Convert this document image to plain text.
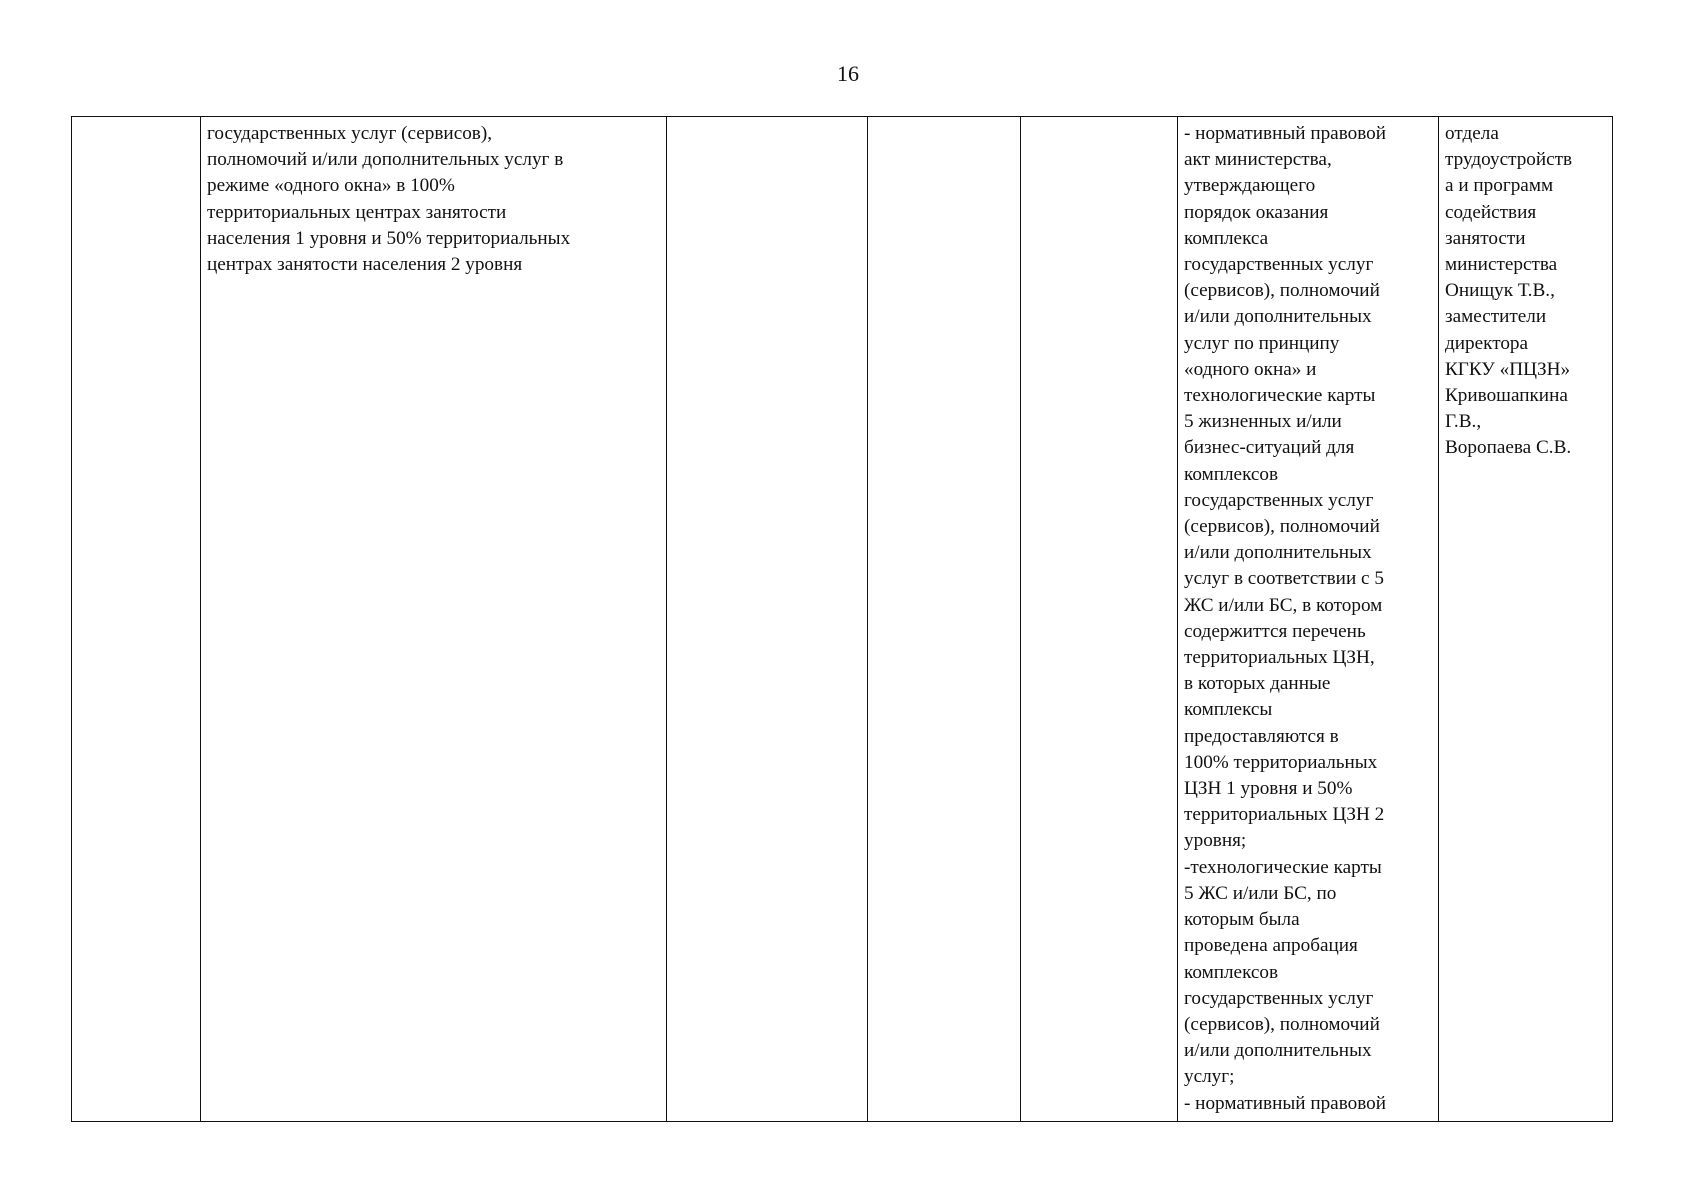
16
	государственных услуг (сервисов),
полномочий и/или дополнительных услуг в
режиме «одного окна» в 100%
территориальных центрах занятости
населения 1 уровня и 50% территориальных
центрах занятости населения 2 уровня				- нормативный правовой
акт министерства,
утверждающего
порядок оказания
комплекса
государственных услуг
(сервисов), полномочий
и/или дополнительных
услуг по принципу
«одного окна» и
технологические карты
5 жизненных и/или
бизнес-ситуаций для
комплексов
государственных услуг
(сервисов), полномочий
и/или дополнительных
услуг в соответствии с 5
ЖС и/или БС, в котором
содержиттся перечень
территориальных ЦЗН,
в которых данные
комплексы
предоставляются в
100% территориальных
ЦЗН 1 уровня и 50%
территориальных ЦЗН 2
уровня;
-технологические карты
5 ЖС и/или БС, по
которым была
проведена апробация
комплексов
государственных услуг
(сервисов), полномочий
и/или дополнительных
услуг;
- нормативный правовой	отдела
трудоустройств
а и программ
содействия
занятости
министерства
Онищук Т.В.,
заместители
директора
КГКУ «ПЦЗН»
Кривошапкина
Г.В.,
Воропаева С.В.
